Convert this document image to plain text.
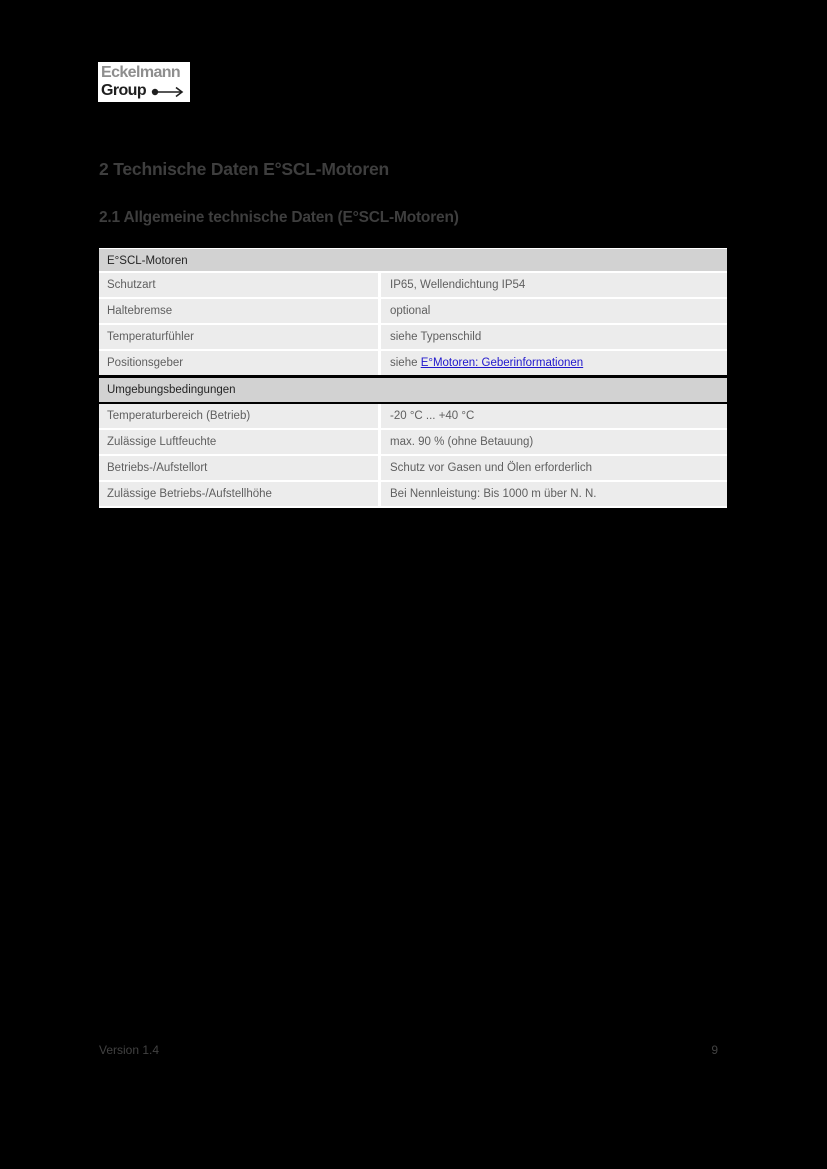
Eckelmann
Group
2 Technische Daten E°SCL-Motoren
2.1 Allgemeine technische Daten (E°SCL-Motoren)
E°SCL-Motoren
Schutzart	IP65, Wellendichtung IP54
Haltebremse	optional
Temperaturfühler	siehe Typenschild
Positionsgeber	siehe E°Motoren: Geberinformationen
Umgebungsbedingungen
Temperaturbereich (Betrieb)	-20 °C ... +40 °C
Zulässige Luftfeuchte	max. 90 % (ohne Betauung)
Betriebs-/Aufstellort	Schutz vor Gasen und Ölen erforderlich
Zulässige Betriebs-/Aufstellhöhe	Bei Nennleistung: Bis 1000 m über N. N.
Version 1.4	9
